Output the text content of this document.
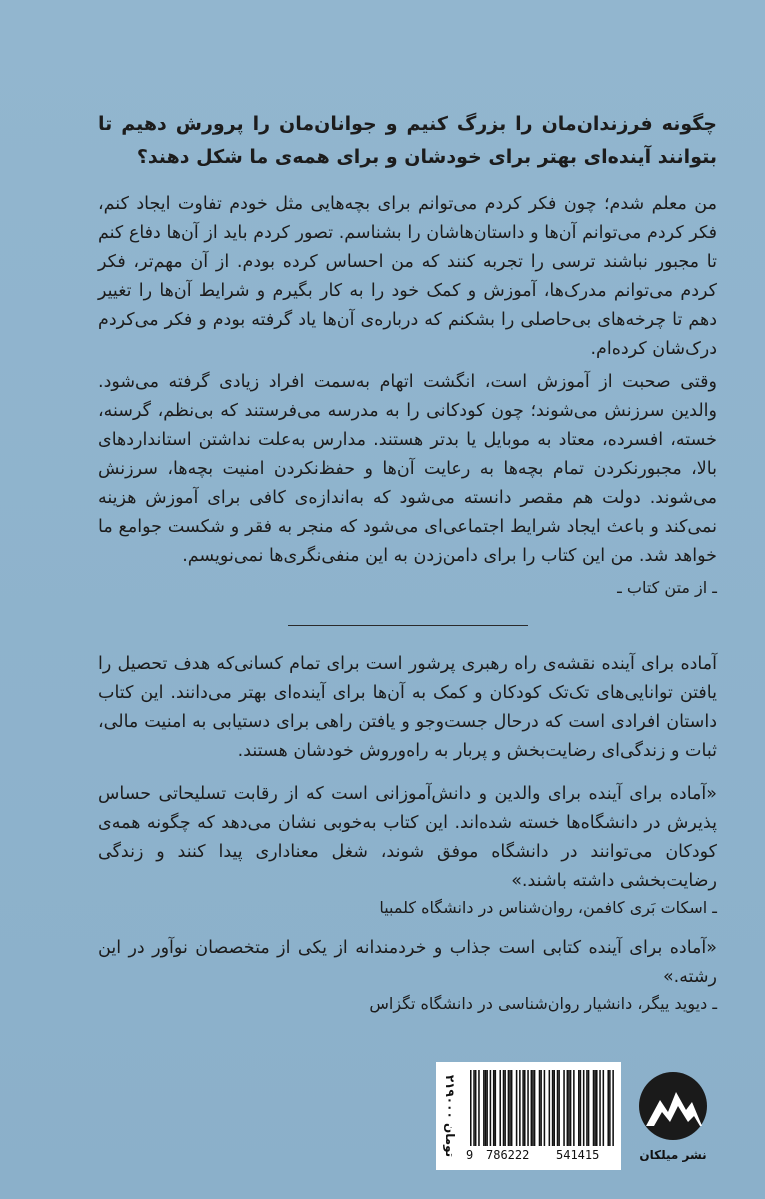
چگونه فرزندان‌مان را بزرگ کنیم و جوانان‌مان را پرورش دهیم تا بتوانند آینده‌ای بهتر برای خودشان و برای همه‌ی ما شکل دهند؟

من معلم شدم؛ چون فکر کردم می‌توانم برای بچه‌هایی مثل خودم تفاوت ایجاد کنم، فکر کردم می‌توانم آن‌ها و داستان‌هاشان را بشناسم. تصور کردم باید از آن‌ها دفاع کنم تا مجبور نباشند ترسی را تجربه کنند که من احساس کرده بودم. از آن مهم‌تر، فکر کردم می‌توانم مدرک‌ها، آموزش و کمک خود را به کار بگیرم و شرایط آن‌ها را تغییر دهم تا چرخه‌های بی‌حاصلی را بشکنم که درباره‌ی آن‌ها یاد گرفته بودم و فکر می‌کردم درک‌شان کرده‌ام.

وقتی صحبت از آموزش است، انگشت اتهام به‌سمت افراد زیادی گرفته می‌شود. والدین سرزنش می‌شوند؛ چون کودکانی را به مدرسه می‌فرستند که بی‌نظم، گرسنه، خسته، افسرده، معتاد به موبایل یا بدتر هستند. مدارس به‌علت نداشتن استانداردهای بالا، مجبورنکردن تمام بچه‌ها به رعایت آن‌ها و حفظ‌نکردن امنیت بچه‌ها، سرزنش می‌شوند. دولت هم مقصر دانسته می‌شود که به‌اندازه‌ی کافی برای آموزش هزینه نمی‌کند و باعث ایجاد شرایط اجتماعی‌ای می‌شود که منجر به فقر و شکست جوامع ما خواهد شد. من این کتاب را برای دامن‌زدن به این منفی‌نگری‌ها نمی‌نویسم.

ـ از متن کتاب ـ

آماده برای آینده نقشه‌ی راه رهبری پرشور است برای تمام کسانی‌که هدف تحصیل را یافتن توانایی‌های تک‌تک کودکان و کمک به آن‌ها برای آینده‌ای بهتر می‌دانند. این کتاب داستان افرادی است که درحال جست‌وجو و یافتن راهی برای دستیابی به امنیت مالی، ثبات و زندگی‌ای رضایت‌بخش و پربار به راه‌وروش خودشان هستند.

«آماده برای آینده برای والدین و دانش‌آموزانی است که از رقابت تسلیحاتی حساس پذیرش در دانشگاه‌ها خسته شده‌اند. این کتاب به‌خوبی نشان می‌دهد که چگونه همه‌ی کودکان می‌توانند در دانشگاه موفق شوند، شغل معناداری پیدا کنند و زندگی رضایت‌بخشی داشته باشند.»

ـ اسکات بَری کافمن، روان‌شناس در دانشگاه کلمبیا

«آماده برای آینده کتابی است جذاب و خردمندانه از یکی از متخصصان نوآور در این رشته.»

ـ دیوید ییگر، دانشیار روان‌شناسی در دانشگاه تگزاس

۲۱۹۰۰۰ تومان 9 786222 541415	نشر میلکان
